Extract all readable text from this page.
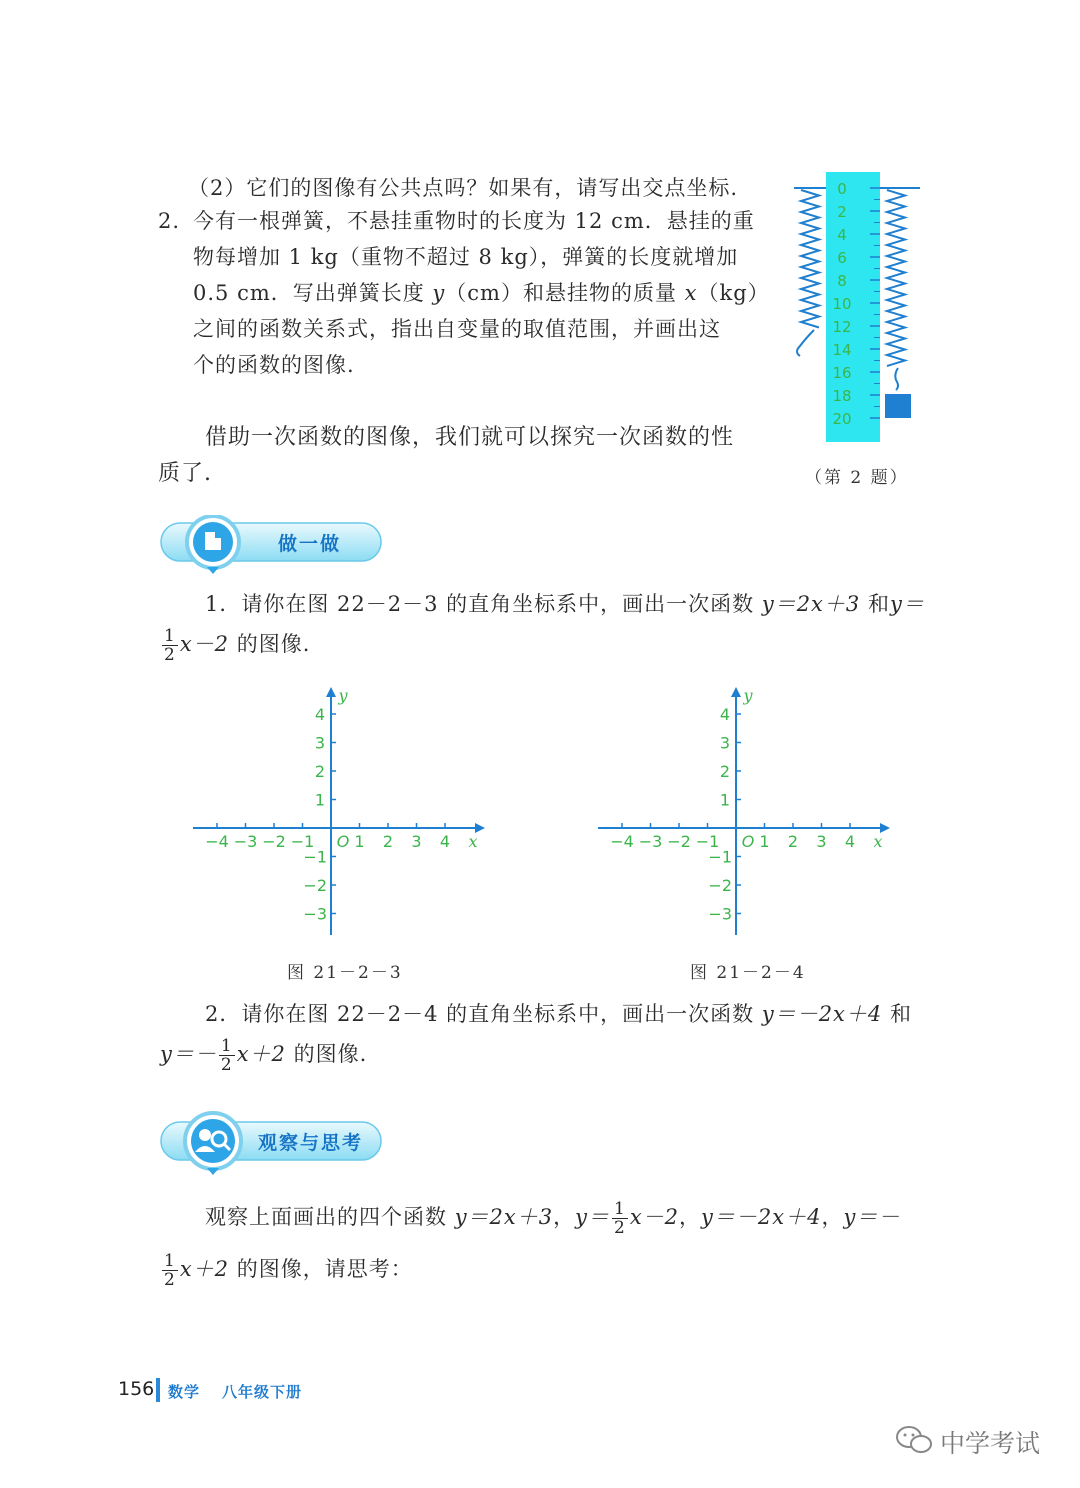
（2）它们的图像有公共点吗？如果有，请写出交点坐标.
2. 今有一根弹簧，不悬挂重物时的长度为 12 cm．悬挂的重
物每增加 1 kg（重物不超过 8 kg），弹簧的长度就增加
0.5 cm．写出弹簧长度 y（cm）和悬挂物的质量 x（kg）
之间的函数关系式，指出自变量的取值范围，并画出这
个的函数的图像.
0
2
4
6
8
10
12
14
16
18
20
（第 2 题）
借助一次函数的图像，我们就可以探究一次函数的性
质了.
做一做
1．请你在图 22－2－3 的直角坐标系中，画出一次函数 y＝2x＋3 和y＝
$\frac{1}{2} x-2$ 的图像.
−4 −3 −2 −1	1 2 3 4
1
2
3
4
−1
−2
−3
O	x
y
−4 −3 −2 −1	1 2 3 4
1
2
3
4
−1
−2
−3
O	x
y
图 21－2－3	图 21－2－4
2．请你在图 22－2－4 的直角坐标系中，画出一次函数 y＝－2x＋4 和
$y=- \frac{1}{2} x+2$ 的图像.
观察与思考
观察上面画出的四个函数 y＝2x＋3，$y= \frac{1}{2} x-2$，y＝－2x＋4，y＝－
$\frac{1}{2} x+2$ 的图像，请思考：
156 数学 八年级下册
中学考试
